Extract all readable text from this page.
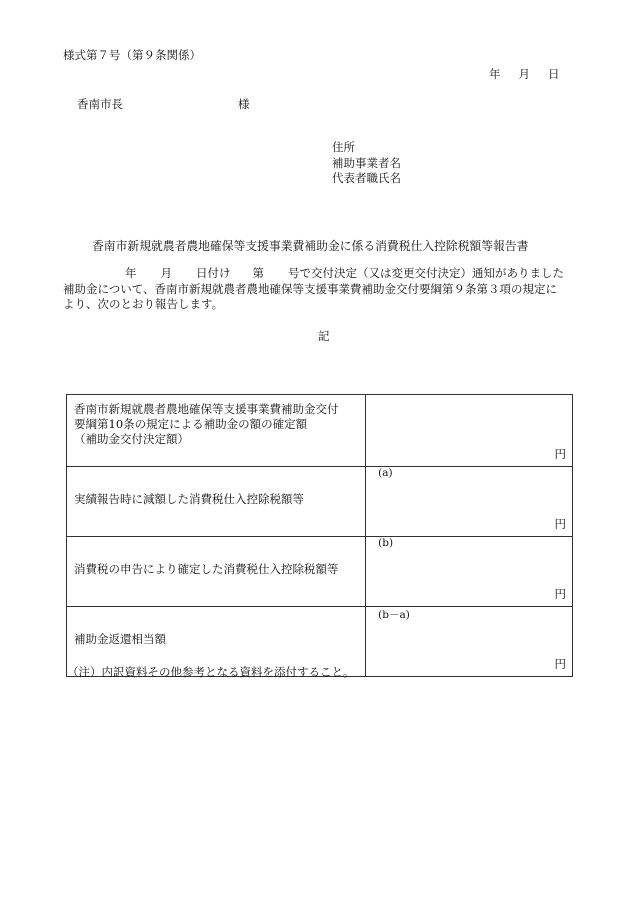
様式第７号（第９条関係）
年 月 日
香南市長	様
住所
補助事業者名
代表者職氏名
香南市新規就農者農地確保等支援事業費補助金に係る消費税仕入控除税額等報告書
年 月 日付け 第 号で交付決定（又は変更交付決定）通知がありました
補助金について、香南市新規就農者農地確保等支援事業費補助金交付要綱第９条第３項の規定に
より、次のとおり報告します。
記
香南市新規就農者農地確保等支援事業費補助金交付
要綱第10条の規定による補助金の額の確定額
（補助金交付決定額）	円

実績報告時に減額した消費税仕入控除税額等	(a)
円

消費税の申告により確定した消費税仕入控除税額等	(b)
円

補助金返還相当額	(b－a)
円
（注）内訳資料その他参考となる資料を添付すること。
